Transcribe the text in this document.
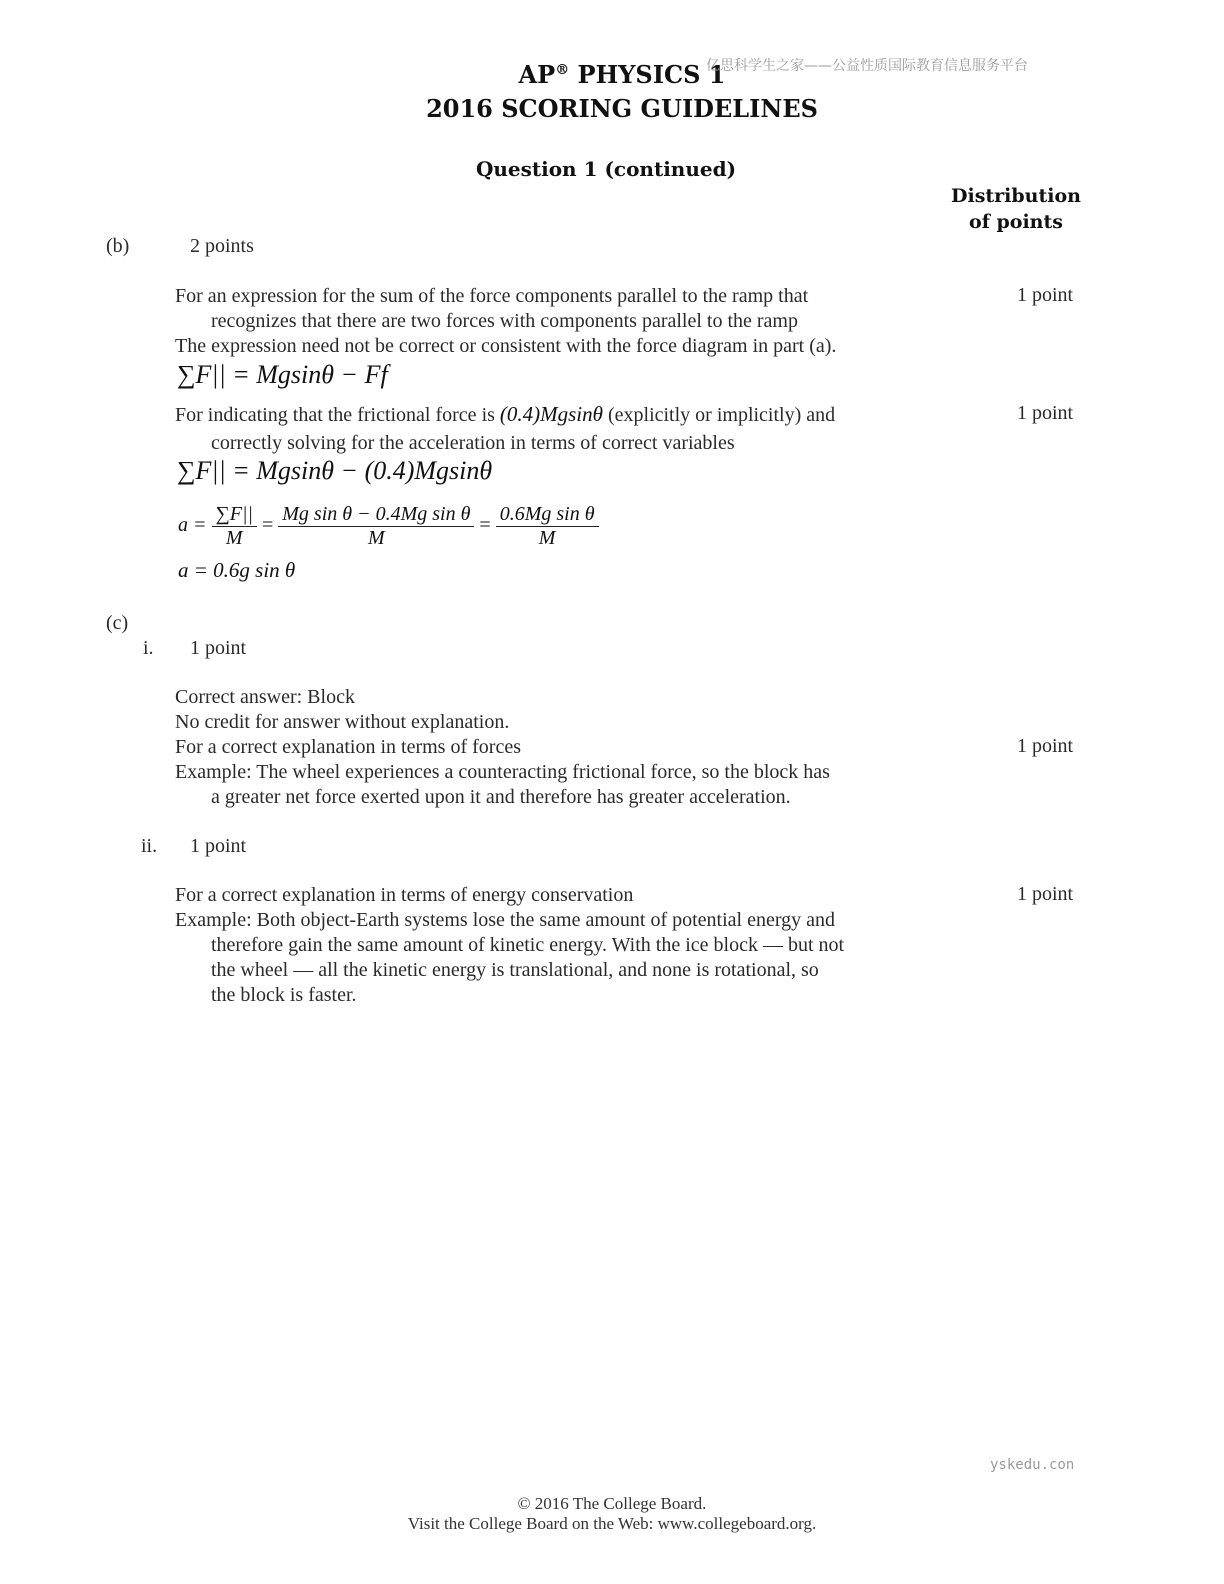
AP® PHYSICS 1
2016 SCORING GUIDELINES
亿思科学生之家——公益性质国际教育信息服务平台
Question 1 (continued)
Distribution
of points
(b)	2 points
For an expression for the sum of the force components parallel to the ramp that
recognizes that there are two forces with components parallel to the ramp
The expression need not be correct or consistent with the force diagram in part (a).
1 point
∑F|| = Mgsinθ − Ff
For indicating that the frictional force is (0.4)Mgsinθ (explicitly or implicitly) and
correctly solving for the acceleration in terms of correct variables
1 point
∑F|| = Mgsinθ − (0.4)Mgsinθ
$a = \frac{\sum F||}{M} = \frac{\text{Mg sin θ − 0.4Mg sin θ}}{M} = \frac{\text{0.6Mg sin θ}}{M}$
a = 0.6g sin θ
(c)
i. 1 point
Correct answer: Block
No credit for answer without explanation.
For a correct explanation in terms of forces	1 point
Example: The wheel experiences a counteracting frictional force, so the block has
a greater net force exerted upon it and therefore has greater acceleration.
ii. 1 point
For a correct explanation in terms of energy conservation	1 point
Example: Both object-Earth systems lose the same amount of potential energy and
therefore gain the same amount of kinetic energy. With the ice block — but not
the wheel — all the kinetic energy is translational, and none is rotational, so
the block is faster.
yskedu.con
© 2016 The College Board.
Visit the College Board on the Web: www.collegeboard.org.
